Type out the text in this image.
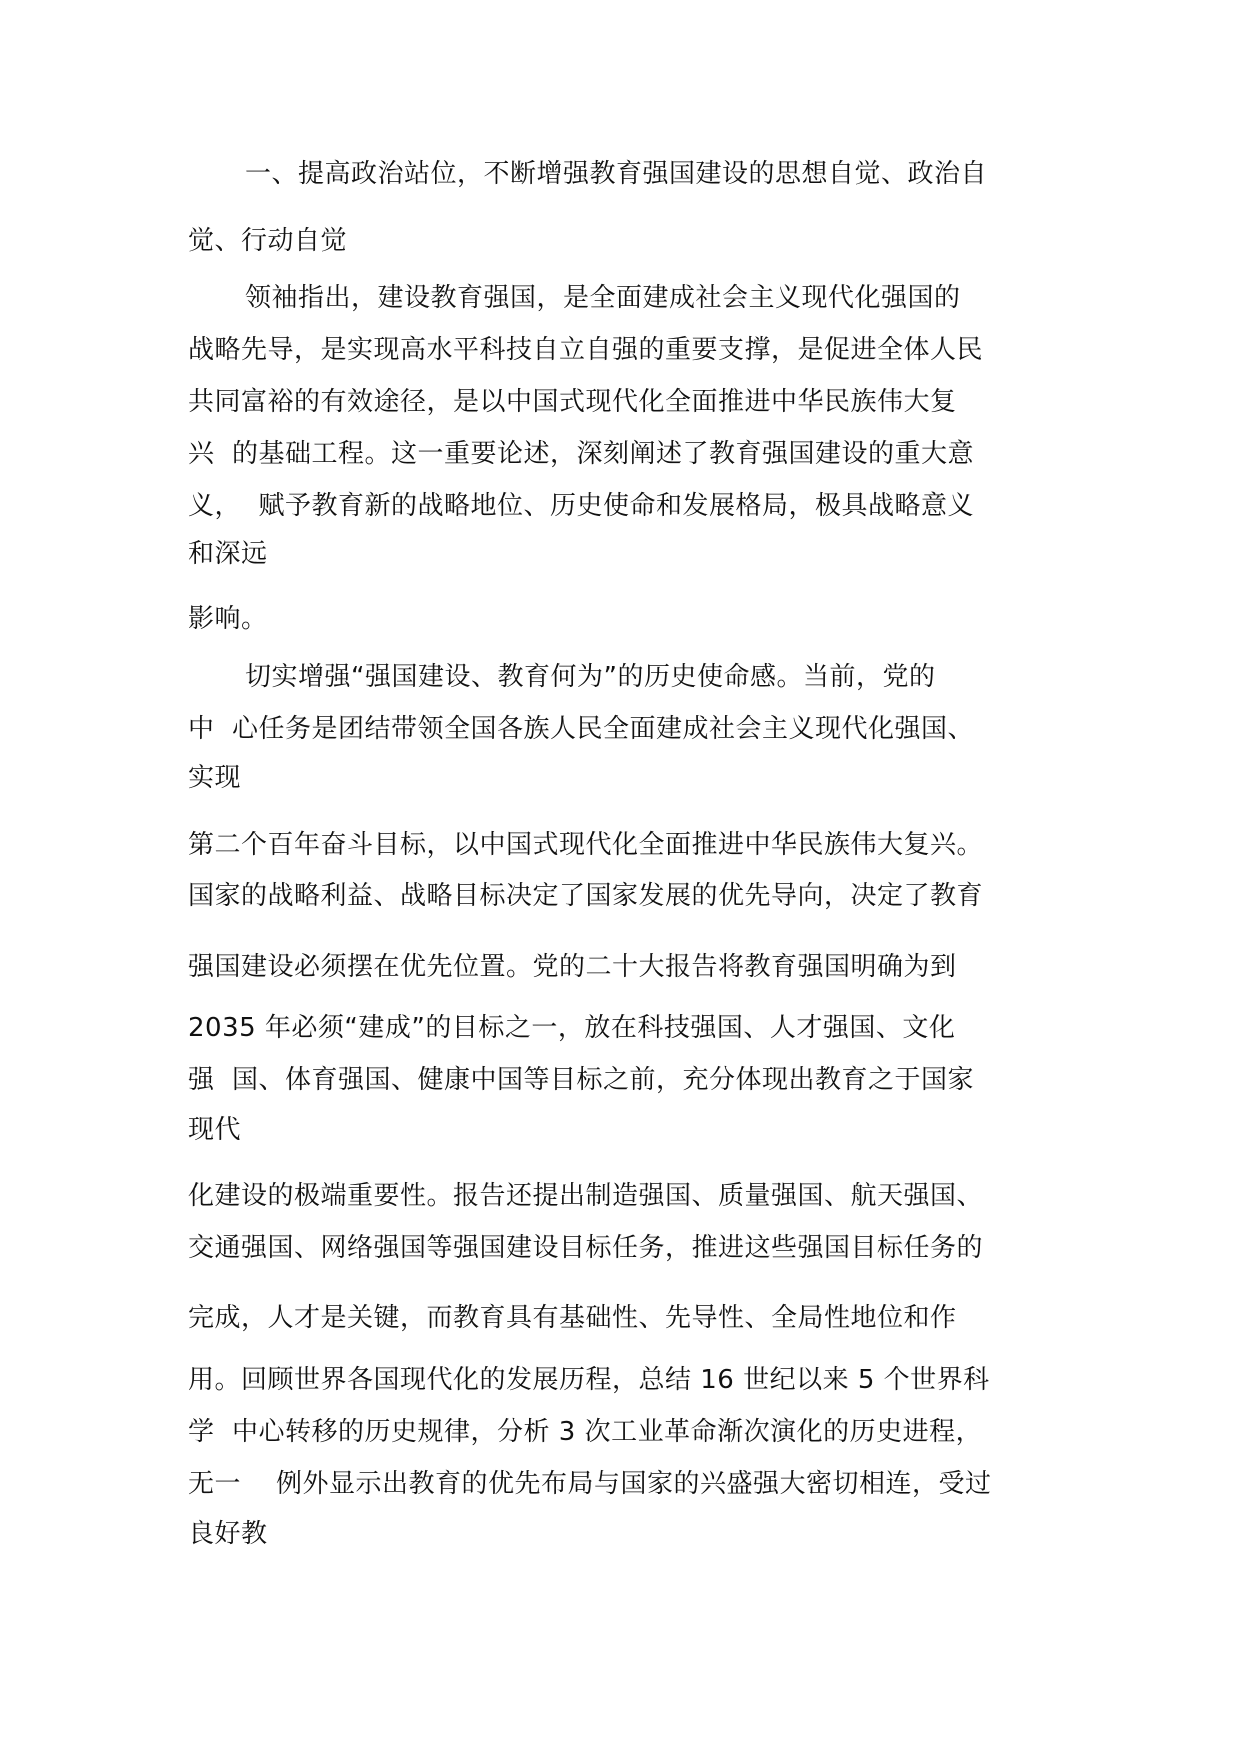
一、提高政治站位，不断增强教育强国建设的思想自觉、政治自
觉、行动自觉
领袖指出，建设教育强国，是全面建成社会主义现代化强国的
战略先导，是实现高水平科技自立自强的重要支撑，是促进全体人民
共同富裕的有效途径，是以中国式现代化全面推进中华民族伟大复
兴  的基础工程。这一重要论述，深刻阐述了教育强国建设的重大意
义，  赋予教育新的战略地位、历史使命和发展格局，极具战略意义
和深远
影响。
切实增强“强国建设、教育何为”的历史使命感。当前，党的
中  心任务是团结带领全国各族人民全面建成社会主义现代化强国、
实现
第二个百年奋斗目标，以中国式现代化全面推进中华民族伟大复兴。
国家的战略利益、战略目标决定了国家发展的优先导向，决定了教育
强国建设必须摆在优先位置。党的二十大报告将教育强国明确为到
2035 年必须“建成”的目标之一，放在科技强国、人才强国、文化
强  国、体育强国、健康中国等目标之前，充分体现出教育之于国家
现代
化建设的极端重要性。报告还提出制造强国、质量强国、航天强国、
交通强国、网络强国等强国建设目标任务，推进这些强国目标任务的
完成，人才是关键，而教育具有基础性、先导性、全局性地位和作
用。回顾世界各国现代化的发展历程，总结 16 世纪以来 5 个世界科
学  中心转移的历史规律，分析 3 次工业革命渐次演化的历史进程，
无一    例外显示出教育的优先布局与国家的兴盛强大密切相连，受过
良好教
